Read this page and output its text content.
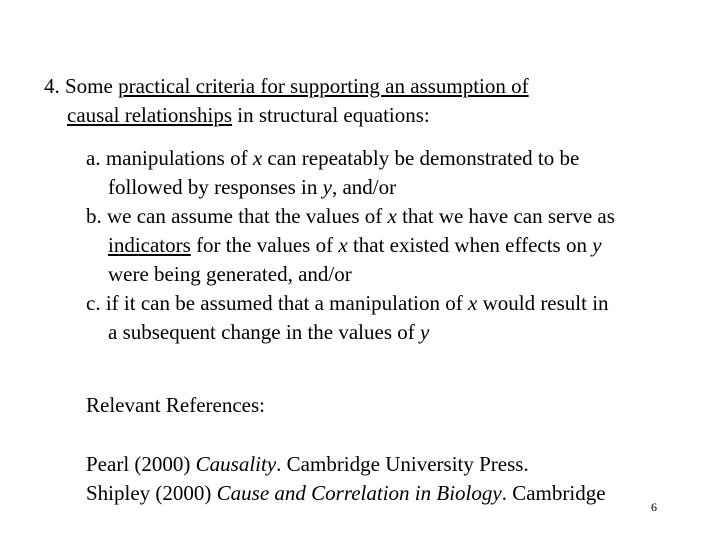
4. Some practical criteria for supporting an assumption of
causal relationships in structural equations:
a. manipulations of x can repeatably be demonstrated to be
followed by responses in y, and/or
b. we can assume that the values of x that we have can serve as
indicators for the values of x that existed when effects on y
were being generated, and/or
c. if it can be assumed that a manipulation of x would result in
a subsequent change in the values of y
Relevant References:
Pearl (2000) Causality. Cambridge University Press.
Shipley (2000) Cause and Correlation in Biology. Cambridge
6
